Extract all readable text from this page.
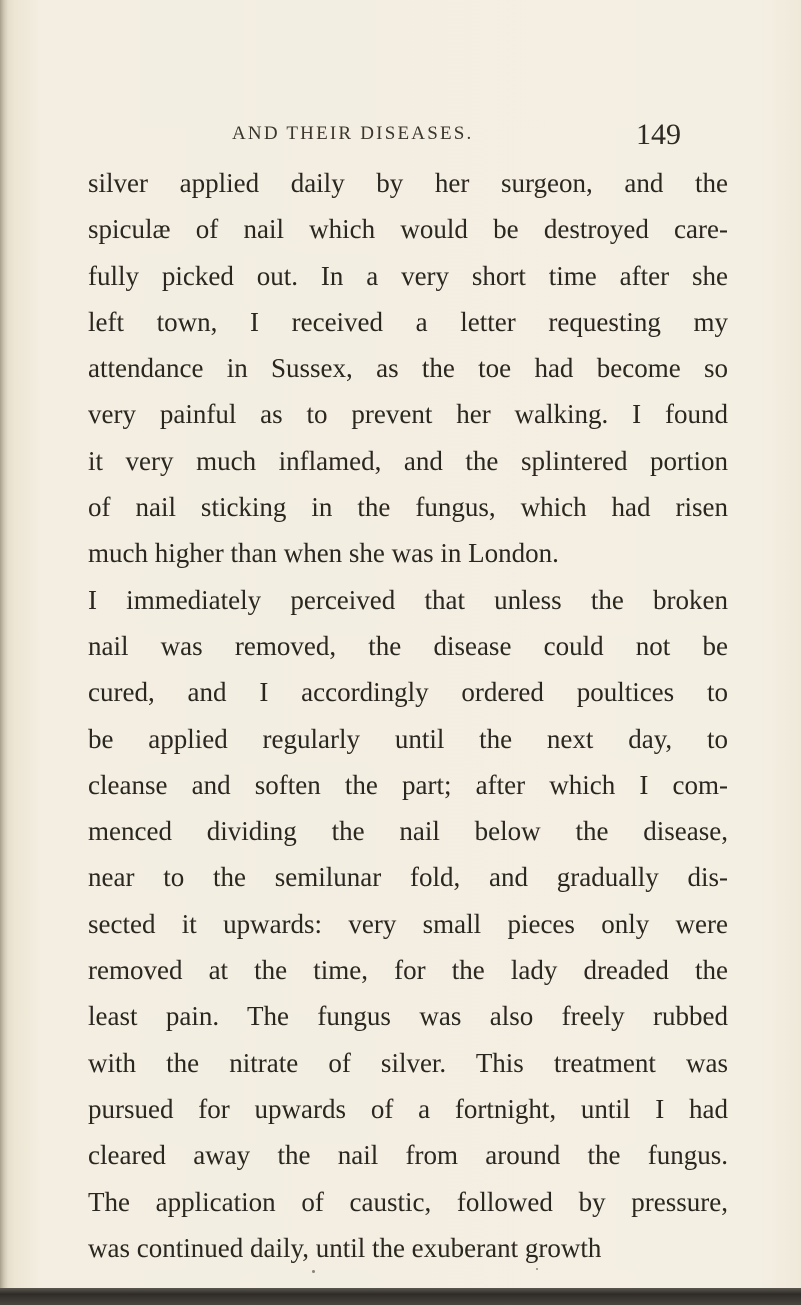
AND THEIR DISEASES.	149
silver applied daily by her surgeon, and the
spiculæ of nail which would be destroyed care-
fully picked out. In a very short time after she
left town, I received a letter requesting my
attendance in Sussex, as the toe had become so
very painful as to prevent her walking. I found
it very much inflamed, and the splintered portion
of nail sticking in the fungus, which had risen
much higher than when she was in London.
I immediately perceived that unless the broken
nail was removed, the disease could not be
cured, and I accordingly ordered poultices to
be applied regularly until the next day, to
cleanse and soften the part; after which I com-
menced dividing the nail below the disease,
near to the semilunar fold, and gradually dis-
sected it upwards: very small pieces only were
removed at the time, for the lady dreaded the
least pain. The fungus was also freely rubbed
with the nitrate of silver. This treatment was
pursued for upwards of a fortnight, until I had
cleared away the nail from around the fungus.
The application of caustic, followed by pressure,
was continued daily, until the exuberant growth
